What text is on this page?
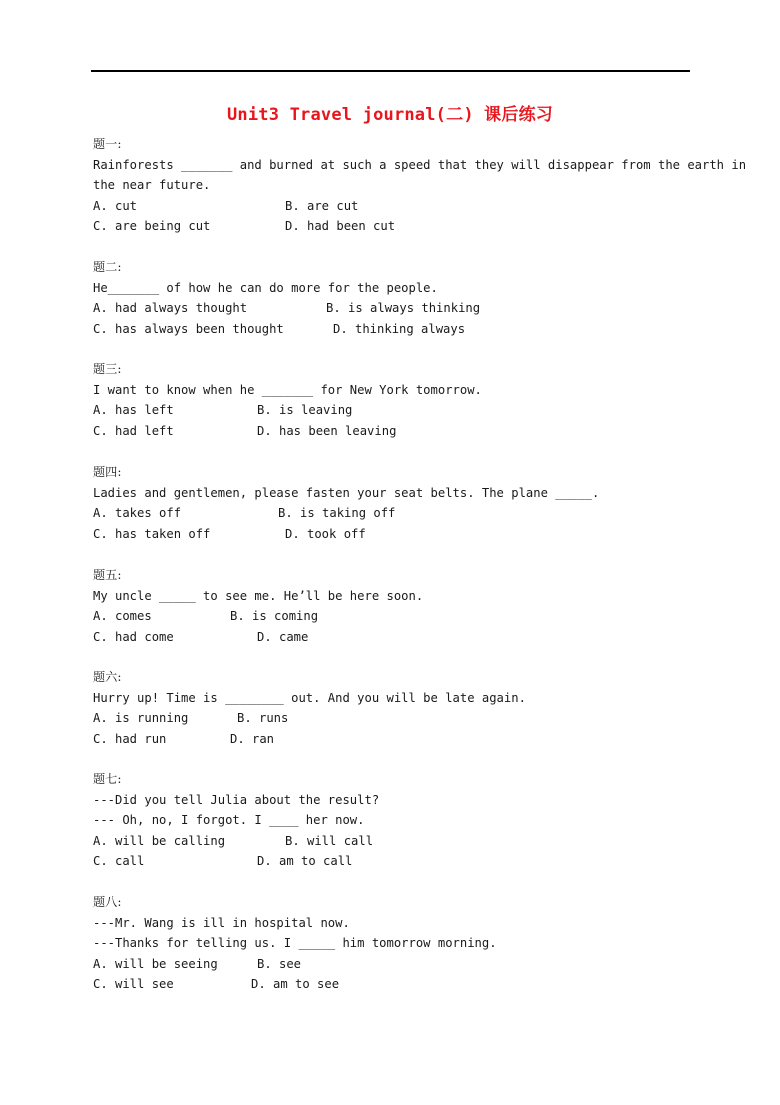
Unit3 Travel journal(二) 课后练习
题一:
Rainforests _______ and burned at such a speed that they will disappear from the earth in
the near future.
A. cut	B. are cut
C. are being cut	D. had been cut
题二:
He_______ of how he can do more for the people.
A. had always thought	B. is always thinking
C. has always been thought	D. thinking always
题三:
I want to know when he _______ for New York tomorrow.
A. has left	B. is leaving
C. had left	D. has been leaving
题四:
Ladies and gentlemen, please fasten your seat belts. The plane _____.
A. takes off	B. is taking off
C. has taken off	D. took off
题五:
My uncle _____ to see me. He’ll be here soon.
A. comes	B. is coming
C. had come	D. came
题六:
Hurry up! Time is ________ out. And you will be late again.
A. is running	B. runs
C. had run	D. ran
题七:
---Did you tell Julia about the result?
--- Oh, no, I forgot. I ____ her now.
A. will be calling	B. will call
C. call	D. am to call
题八:
---Mr. Wang is ill in hospital now.
---Thanks for telling us. I _____ him tomorrow morning.
A. will be seeing	B. see
C. will see	D. am to see
